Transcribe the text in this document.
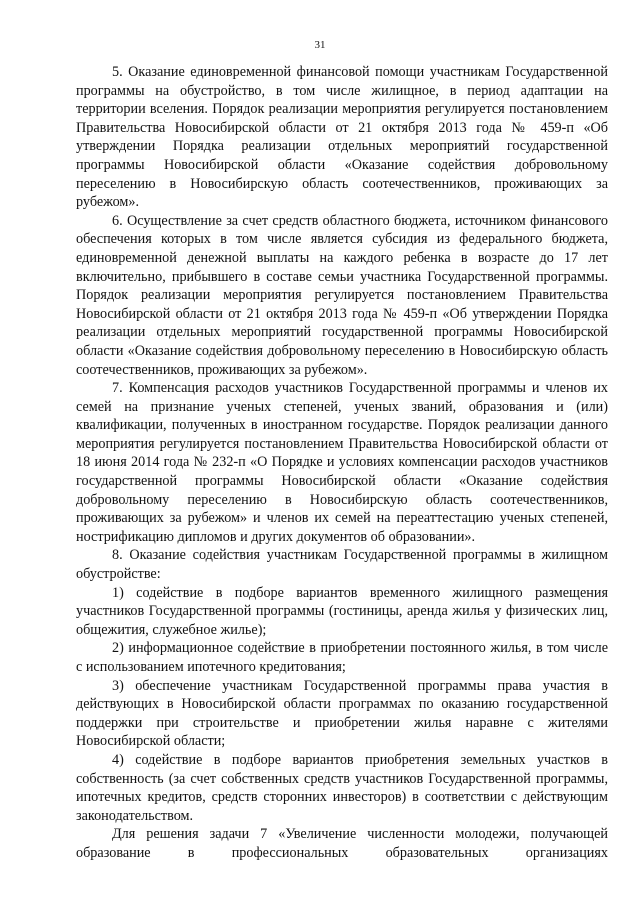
31

5. Оказание единовременной финансовой помощи участникам Государственной программы на обустройство, в том числе жилищное, в период адаптации на территории вселения. Порядок реализации мероприятия регулируется постановлением Правительства Новосибирской области от 21 октября 2013 года № 459-п «Об утверждении Порядка реализации отдельных мероприятий государственной программы Новосибирской области «Оказание содействия добровольному переселению в Новосибирскую область соотечественников, проживающих за рубежом».

6. Осуществление за счет средств областного бюджета, источником финансового обеспечения которых в том числе является субсидия из федерального бюджета, единовременной денежной выплаты на каждого ребенка в возрасте до 17 лет включительно, прибывшего в составе семьи участника Государственной программы. Порядок реализации мероприятия регулируется постановлением Правительства Новосибирской области от 21 октября 2013 года № 459-п «Об утверждении Порядка реализации отдельных мероприятий государственной программы Новосибирской области «Оказание содействия добровольному переселению в Новосибирскую область соотечественников, проживающих за рубежом».

7. Компенсация расходов участников Государственной программы и членов их семей на признание ученых степеней, ученых званий, образования и (или) квалификации, полученных в иностранном государстве. Порядок реализации данного мероприятия регулируется постановлением Правительства Новосибирской области от 18 июня 2014 года № 232-п «О Порядке и условиях компенсации расходов участников государственной программы Новосибирской области «Оказание содействия добровольному переселению в Новосибирскую область соотечественников, проживающих за рубежом» и членов их семей на переаттестацию ученых степеней, нострификацию дипломов и других документов об образовании».

8. Оказание содействия участникам Государственной программы в жилищном обустройстве:

1) содействие в подборе вариантов временного жилищного размещения участников Государственной программы (гостиницы, аренда жилья у физических лиц, общежития, служебное жилье);

2) информационное содействие в приобретении постоянного жилья, в том числе с использованием ипотечного кредитования;

3) обеспечение участникам Государственной программы права участия в действующих в Новосибирской области программах по оказанию государственной поддержки при строительстве и приобретении жилья наравне с жителями Новосибирской области;

4) содействие в подборе вариантов приобретения земельных участков в собственность (за счет собственных средств участников Государственной программы, ипотечных кредитов, средств сторонних инвесторов) в соответствии с действующим законодательством.

Для решения задачи 7 «Увеличение численности молодежи, получающей образование в профессиональных образовательных организациях
